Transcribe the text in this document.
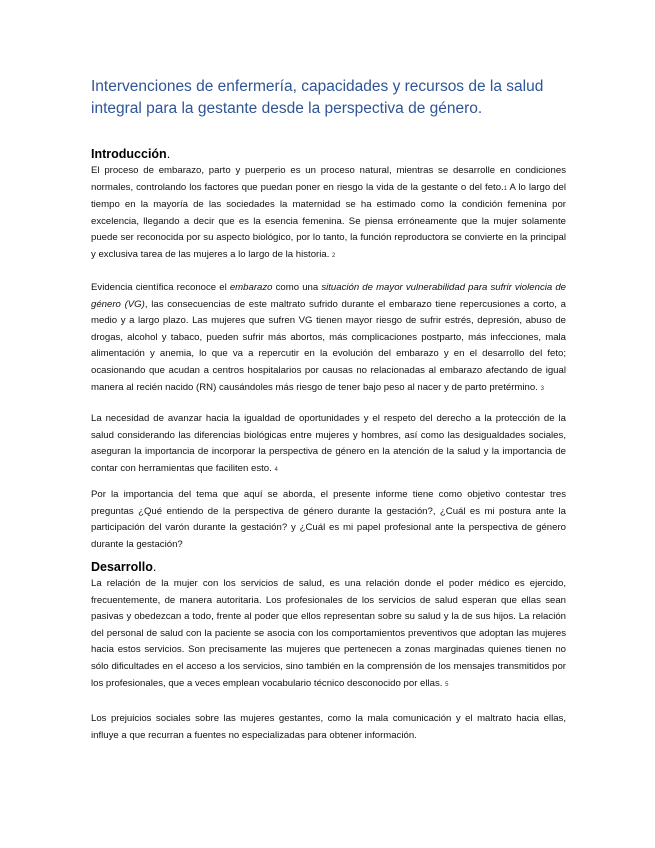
Intervenciones de enfermería, capacidades y recursos de la salud integral para la gestante desde la perspectiva de género.
Introducción.

El proceso de embarazo, parto y puerperio es un proceso natural, mientras se desarrolle en condiciones normales, controlando los factores que puedan poner en riesgo la vida de la gestante o del feto.1 A lo largo del tiempo en la mayoría de las sociedades la maternidad se ha estimado como la condición femenina por excelencia, llegando a decir que es la esencia femenina. Se piensa erróneamente que la mujer solamente puede ser reconocida por su aspecto biológico, por lo tanto, la función reproductora se convierte en la principal y exclusiva tarea de las mujeres a lo largo de la historia. 2

Evidencia científica reconoce el embarazo como una situación de mayor vulnerabilidad para sufrir violencia de género (VG), las consecuencias de este maltrato sufrido durante el embarazo tiene repercusiones a corto, a medio y a largo plazo. Las mujeres que sufren VG tienen mayor riesgo de sufrir estrés, depresión, abuso de drogas, alcohol y tabaco, pueden sufrir más abortos, más complicaciones postparto, más infecciones, mala alimentación y anemia, lo que va a repercutir en la evolución del embarazo y en el desarrollo del feto; ocasionando que acudan a centros hospitalarios por causas no relacionadas al embarazo afectando de igual manera al recién nacido (RN) causándoles más riesgo de tener bajo peso al nacer y de parto pretérmino. 3

La necesidad de avanzar hacia la igualdad de oportunidades y el respeto del derecho a la protección de la salud considerando las diferencias biológicas entre mujeres y hombres, así como las desigualdades sociales, aseguran la importancia de incorporar la perspectiva de género en la atención de la salud y la importancia de contar con herramientas que faciliten esto. 4

Por la importancia del tema que aquí se aborda, el presente informe tiene como objetivo contestar tres preguntas ¿Qué entiendo de la perspectiva de género durante la gestación?, ¿Cuál es mi postura ante la participación del varón durante la gestación? y ¿Cuál es mi papel profesional ante la perspectiva de género durante la gestación?

Desarrollo.

La relación de la mujer con los servicios de salud, es una relación donde el poder médico es ejercido, frecuentemente, de manera autoritaria. Los profesionales de los servicios de salud esperan que ellas sean pasivas y obedezcan a todo, frente al poder que ellos representan sobre su salud y la de sus hijos. La relación del personal de salud con la paciente se asocia con los comportamientos preventivos que adoptan las mujeres hacia estos servicios. Son precisamente las mujeres que pertenecen a zonas marginadas quienes tienen no sólo dificultades en el acceso a los servicios, sino también en la comprensión de los mensajes transmitidos por los profesionales, que a veces emplean vocabulario técnico desconocido por ellas. 5

Los prejuicios sociales sobre las mujeres gestantes, como la mala comunicación y el maltrato hacia ellas, influye a que recurran a fuentes no especializadas para obtener información.
